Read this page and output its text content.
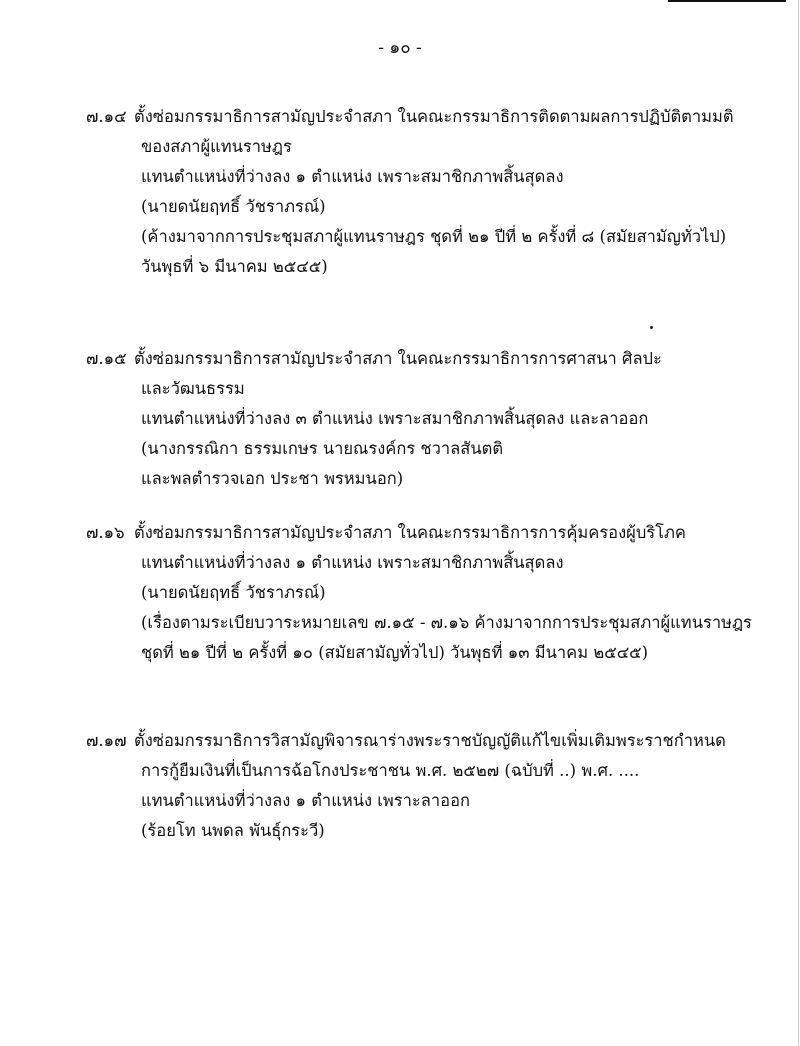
- ๑๐ -
๗.๑๔ ตั้งซ่อมกรรมาธิการสามัญประจำสภา ในคณะกรรมาธิการติดตามผลการปฏิบัติตามมติ
ของสภาผู้แทนราษฎร
แทนตำแหน่งที่ว่างลง ๑ ตำแหน่ง เพราะสมาชิกภาพสิ้นสุดลง
(นายดนัยฤทธิ์ วัชราภรณ์)
(ค้างมาจากการประชุมสภาผู้แทนราษฎร ชุดที่ ๒๑ ปีที่ ๒ ครั้งที่ ๘ (สมัยสามัญทั่วไป)
วันพุธที่ ๖ มีนาคม ๒๕๔๕)
๗.๑๕ ตั้งซ่อมกรรมาธิการสามัญประจำสภา ในคณะกรรมาธิการการศาสนา ศิลปะ
และวัฒนธรรม
แทนตำแหน่งที่ว่างลง ๓ ตำแหน่ง เพราะสมาชิกภาพสิ้นสุดลง และลาออก
(นางกรรณิกา ธรรมเกษร นายณรงค์กร ชวาลสันตติ
และพลตำรวจเอก ประชา พรหมนอก)
๗.๑๖ ตั้งซ่อมกรรมาธิการสามัญประจำสภา ในคณะกรรมาธิการการคุ้มครองผู้บริโภค
แทนตำแหน่งที่ว่างลง ๑ ตำแหน่ง เพราะสมาชิกภาพสิ้นสุดลง
(นายดนัยฤทธิ์ วัชราภรณ์)
(เรื่องตามระเบียบวาระหมายเลข ๗.๑๕ - ๗.๑๖ ค้างมาจากการประชุมสภาผู้แทนราษฎร
ชุดที่ ๒๑ ปีที่ ๒ ครั้งที่ ๑๐ (สมัยสามัญทั่วไป) วันพุธที่ ๑๓ มีนาคม ๒๕๔๕)
๗.๑๗ ตั้งซ่อมกรรมาธิการวิสามัญพิจารณาร่างพระราชบัญญัติแก้ไขเพิ่มเติมพระราชกำหนด
การกู้ยืมเงินที่เป็นการฉ้อโกงประชาชน พ.ศ. ๒๕๒๗ (ฉบับที่ ..) พ.ศ. ....
แทนตำแหน่งที่ว่างลง ๑ ตำแหน่ง เพราะลาออก
(ร้อยโท นพดล พันธุ์กระวี)
